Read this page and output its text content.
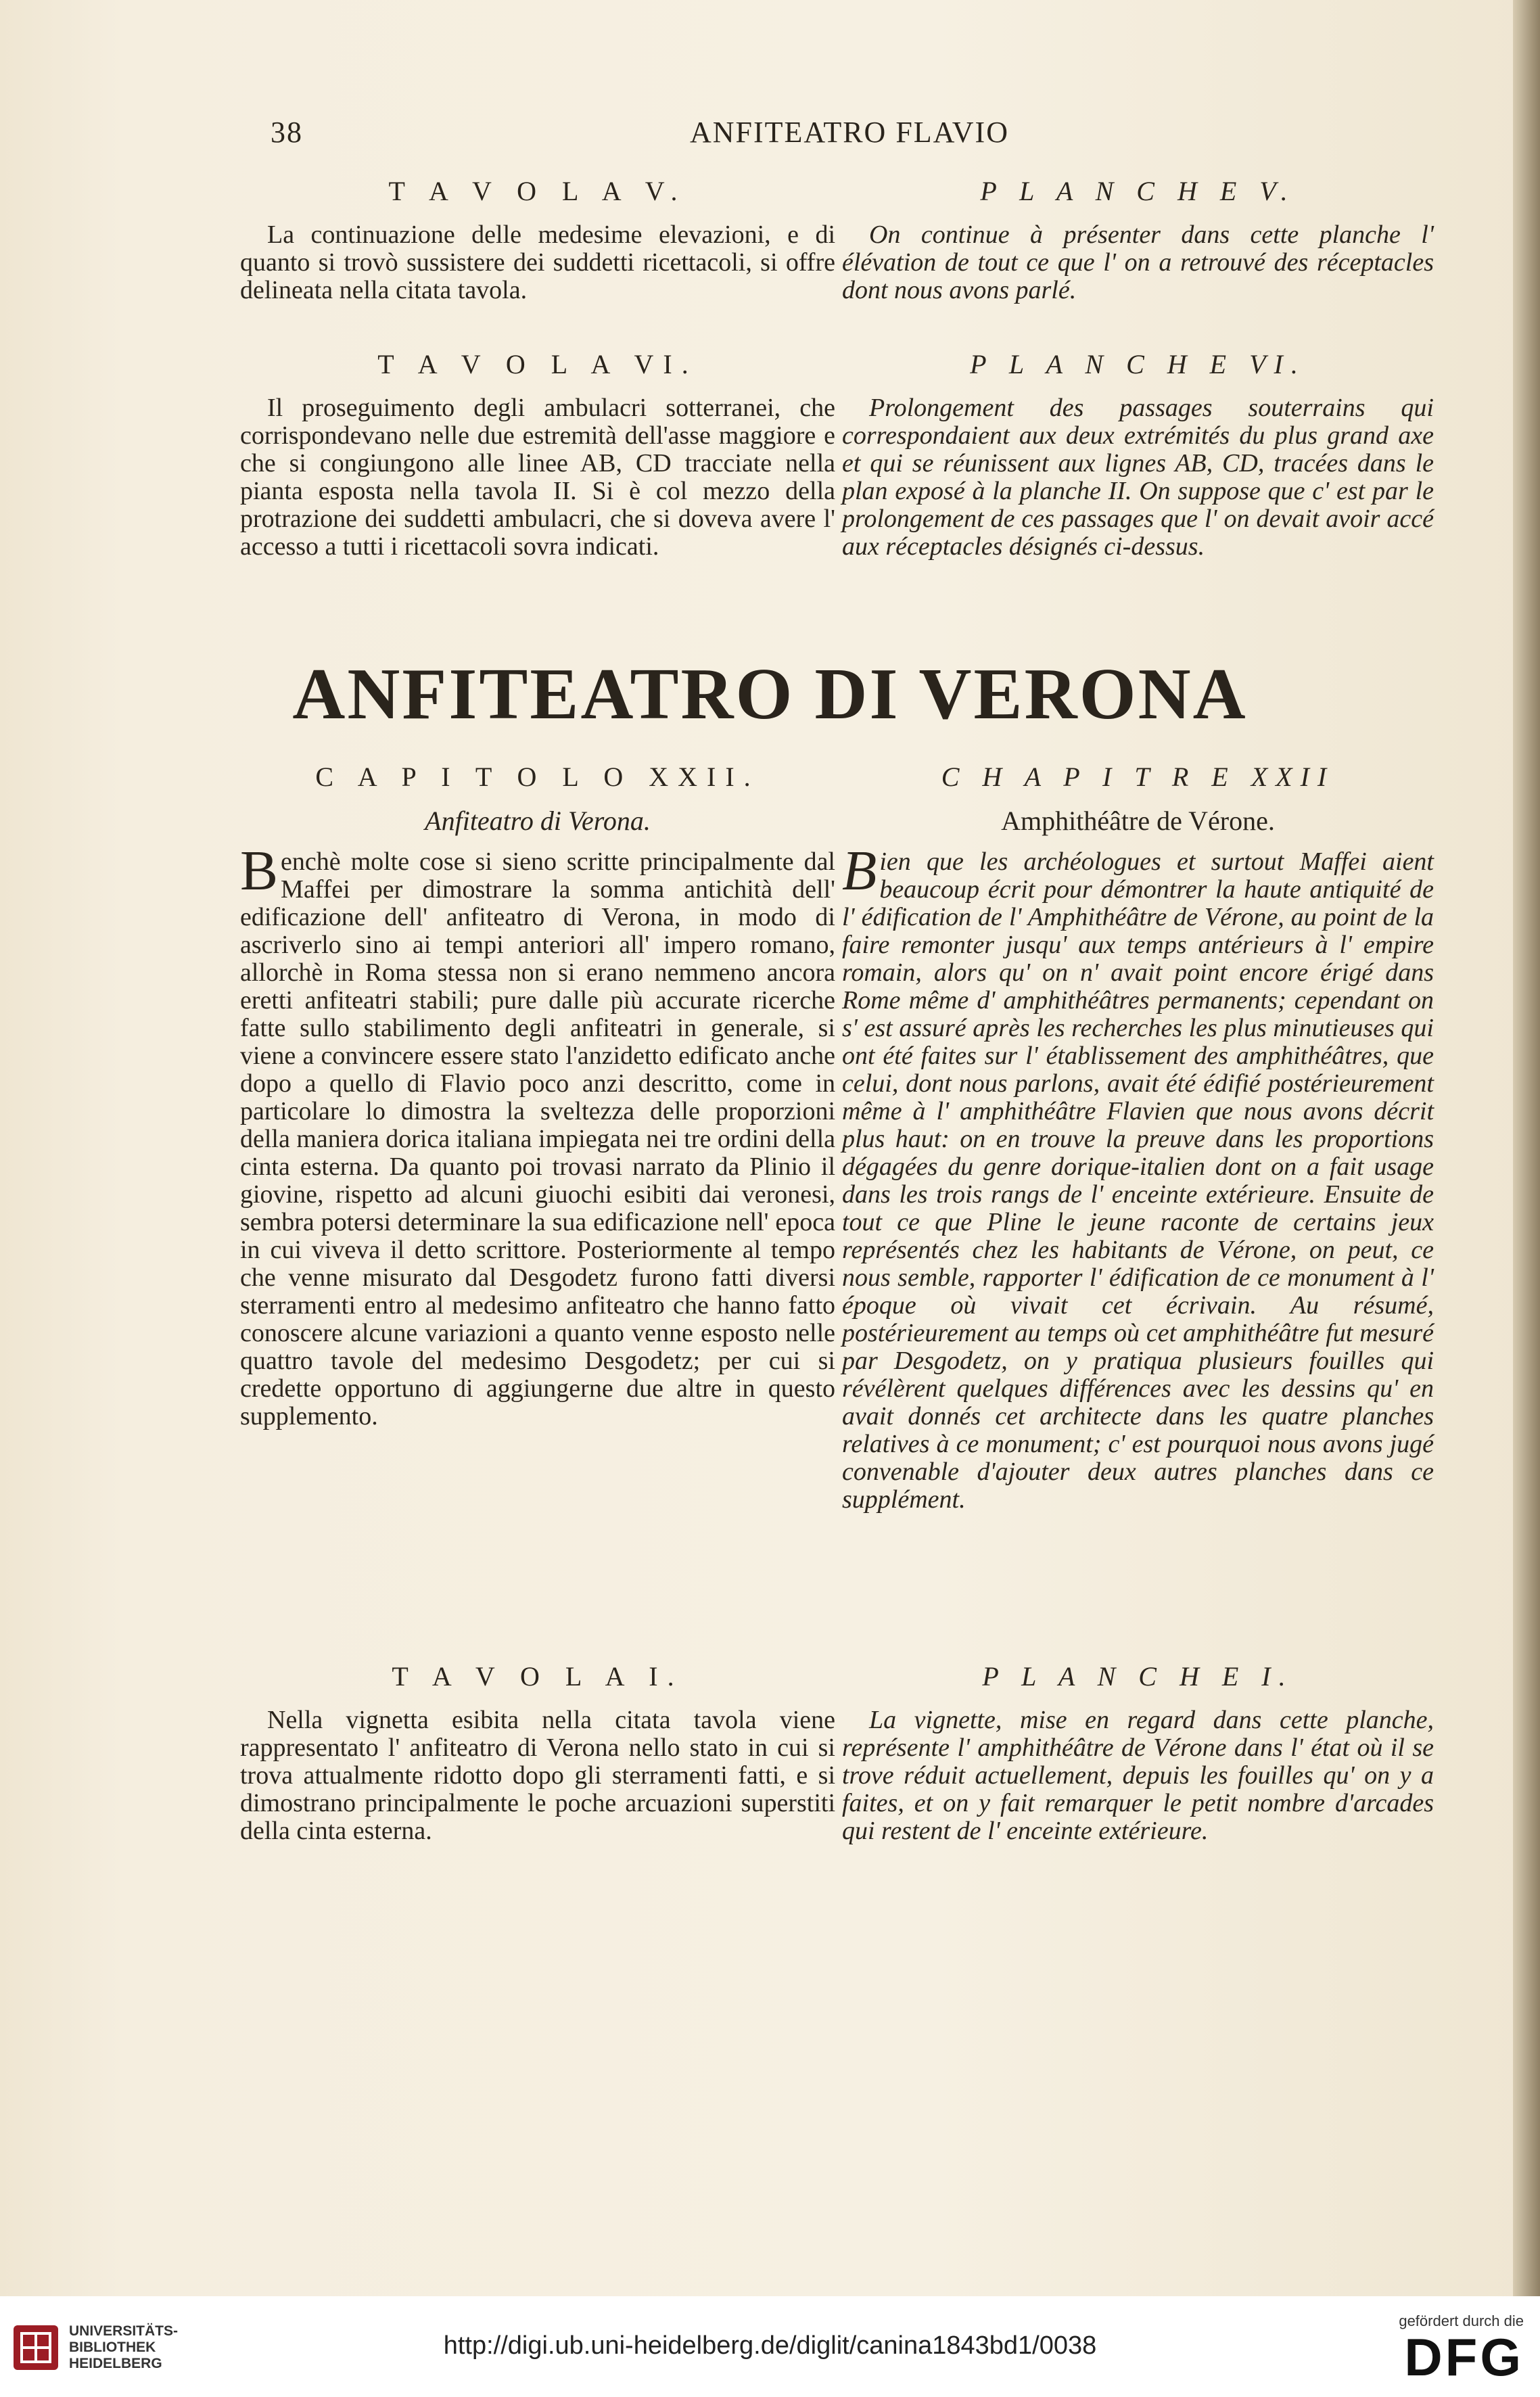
38	ANFITEATRO FLAVIO
T A V O L A V.

La continuazione delle medesime elevazioni, e di quanto si trovò sussistere dei suddetti ricettacoli, si offre delineata nella citata tavola.

P L A N C H E V.

On continue à présenter dans cette planche l' élévation de tout ce que l' on a retrouvé des réceptacles dont nous avons parlé.

T A V O L A VI.

Il proseguimento degli ambulacri sotterranei, che corrispondevano nelle due estremità dell'asse maggiore e che si congiungono alle linee AB, CD tracciate nella pianta esposta nella tavola II. Si è col mezzo della protrazione dei suddetti ambulacri, che si doveva avere l' accesso a tutti i ricettacoli sovra indicati.

P L A N C H E VI.

Prolongement des passages souterrains qui correspondaient aux deux extrémités du plus grand axe et qui se réunissent aux lignes AB, CD, tracées dans le plan exposé à la planche II. On suppose que c' est par le prolongement de ces passages que l' on devait avoir accé aux réceptacles désignés ci-dessus.

ANFITEATRO DI VERONA
C A P I T O L O XXII.
Anfiteatro di Verona.

Benchè molte cose si sieno scritte principalmente dal Maffei per dimostrare la somma antichità dell' edificazione dell' anfiteatro di Verona, in modo di ascriverlo sino ai tempi anteriori all' impero romano, allorchè in Roma stessa non si erano nemmeno ancora eretti anfiteatri stabili; pure dalle più accurate ricerche fatte sullo stabilimento degli anfiteatri in generale, si viene a convincere essere stato l'anzidetto edificato anche dopo a quello di Flavio poco anzi descritto, come in particolare lo dimostra la sveltezza delle proporzioni della maniera dorica italiana impiegata nei tre ordini della cinta esterna. Da quanto poi trovasi narrato da Plinio il giovine, rispetto ad alcuni giuochi esibiti dai veronesi, sembra potersi determinare la sua edificazione nell' epoca in cui viveva il detto scrittore. Posteriormente al tempo che venne misurato dal Desgodetz furono fatti diversi sterramenti entro al medesimo anfiteatro che hanno fatto conoscere alcune variazioni a quanto venne esposto nelle quattro tavole del medesimo Desgodetz; per cui si credette opportuno di aggiungerne due altre in questo supplemento.

C H A P I T R E XXII
Amphithéâtre de Vérone.

Bien que les archéologues et surtout Maffei aient beaucoup écrit pour démontrer la haute antiquité de l' édification de l' Amphithéâtre de Vérone, au point de la faire remonter jusqu' aux temps antérieurs à l' empire romain, alors qu' on n' avait point encore érigé dans Rome même d' amphithéâtres permanents; cependant on s' est assuré après les recherches les plus minutieuses qui ont été faites sur l' établissement des amphithéâtres, que celui, dont nous parlons, avait été édifié postérieurement même à l' amphithéâtre Flavien que nous avons décrit plus haut: on en trouve la preuve dans les proportions dégagées du genre dorique-italien dont on a fait usage dans les trois rangs de l' enceinte extérieure. Ensuite de tout ce que Pline le jeune raconte de certains jeux représentés chez les habitants de Vérone, on peut, ce nous semble, rapporter l' édification de ce monument à l' époque où vivait cet écrivain. Au résumé, postérieurement au temps où cet amphithéâtre fut mesuré par Desgodetz, on y pratiqua plusieurs fouilles qui révélèrent quelques différences avec les dessins qu' en avait donnés cet architecte dans les quatre planches relatives à ce monument; c' est pourquoi nous avons jugé convenable d'ajouter deux autres planches dans ce supplément.

T A V O L A I.

Nella vignetta esibita nella citata tavola viene rappresentato l' anfiteatro di Verona nello stato in cui si trova attualmente ridotto dopo gli sterramenti fatti, e si dimostrano principalmente le poche arcuazioni superstiti della cinta esterna.

P L A N C H E I.

La vignette, mise en regard dans cette planche, représente l' amphithéâtre de Vérone dans l' état où il se trove réduit actuellement, depuis les fouilles qu' on y a faites, et on y fait remarquer le petit nombre d'arcades qui restent de l' enceinte extérieure.

UNIVERSITÄTS-
BIBLIOTHEK
HEIDELBERG
http://digi.ub.uni-heidelberg.de/diglit/canina1843bd1/0038
gefördert durch die
DFG
